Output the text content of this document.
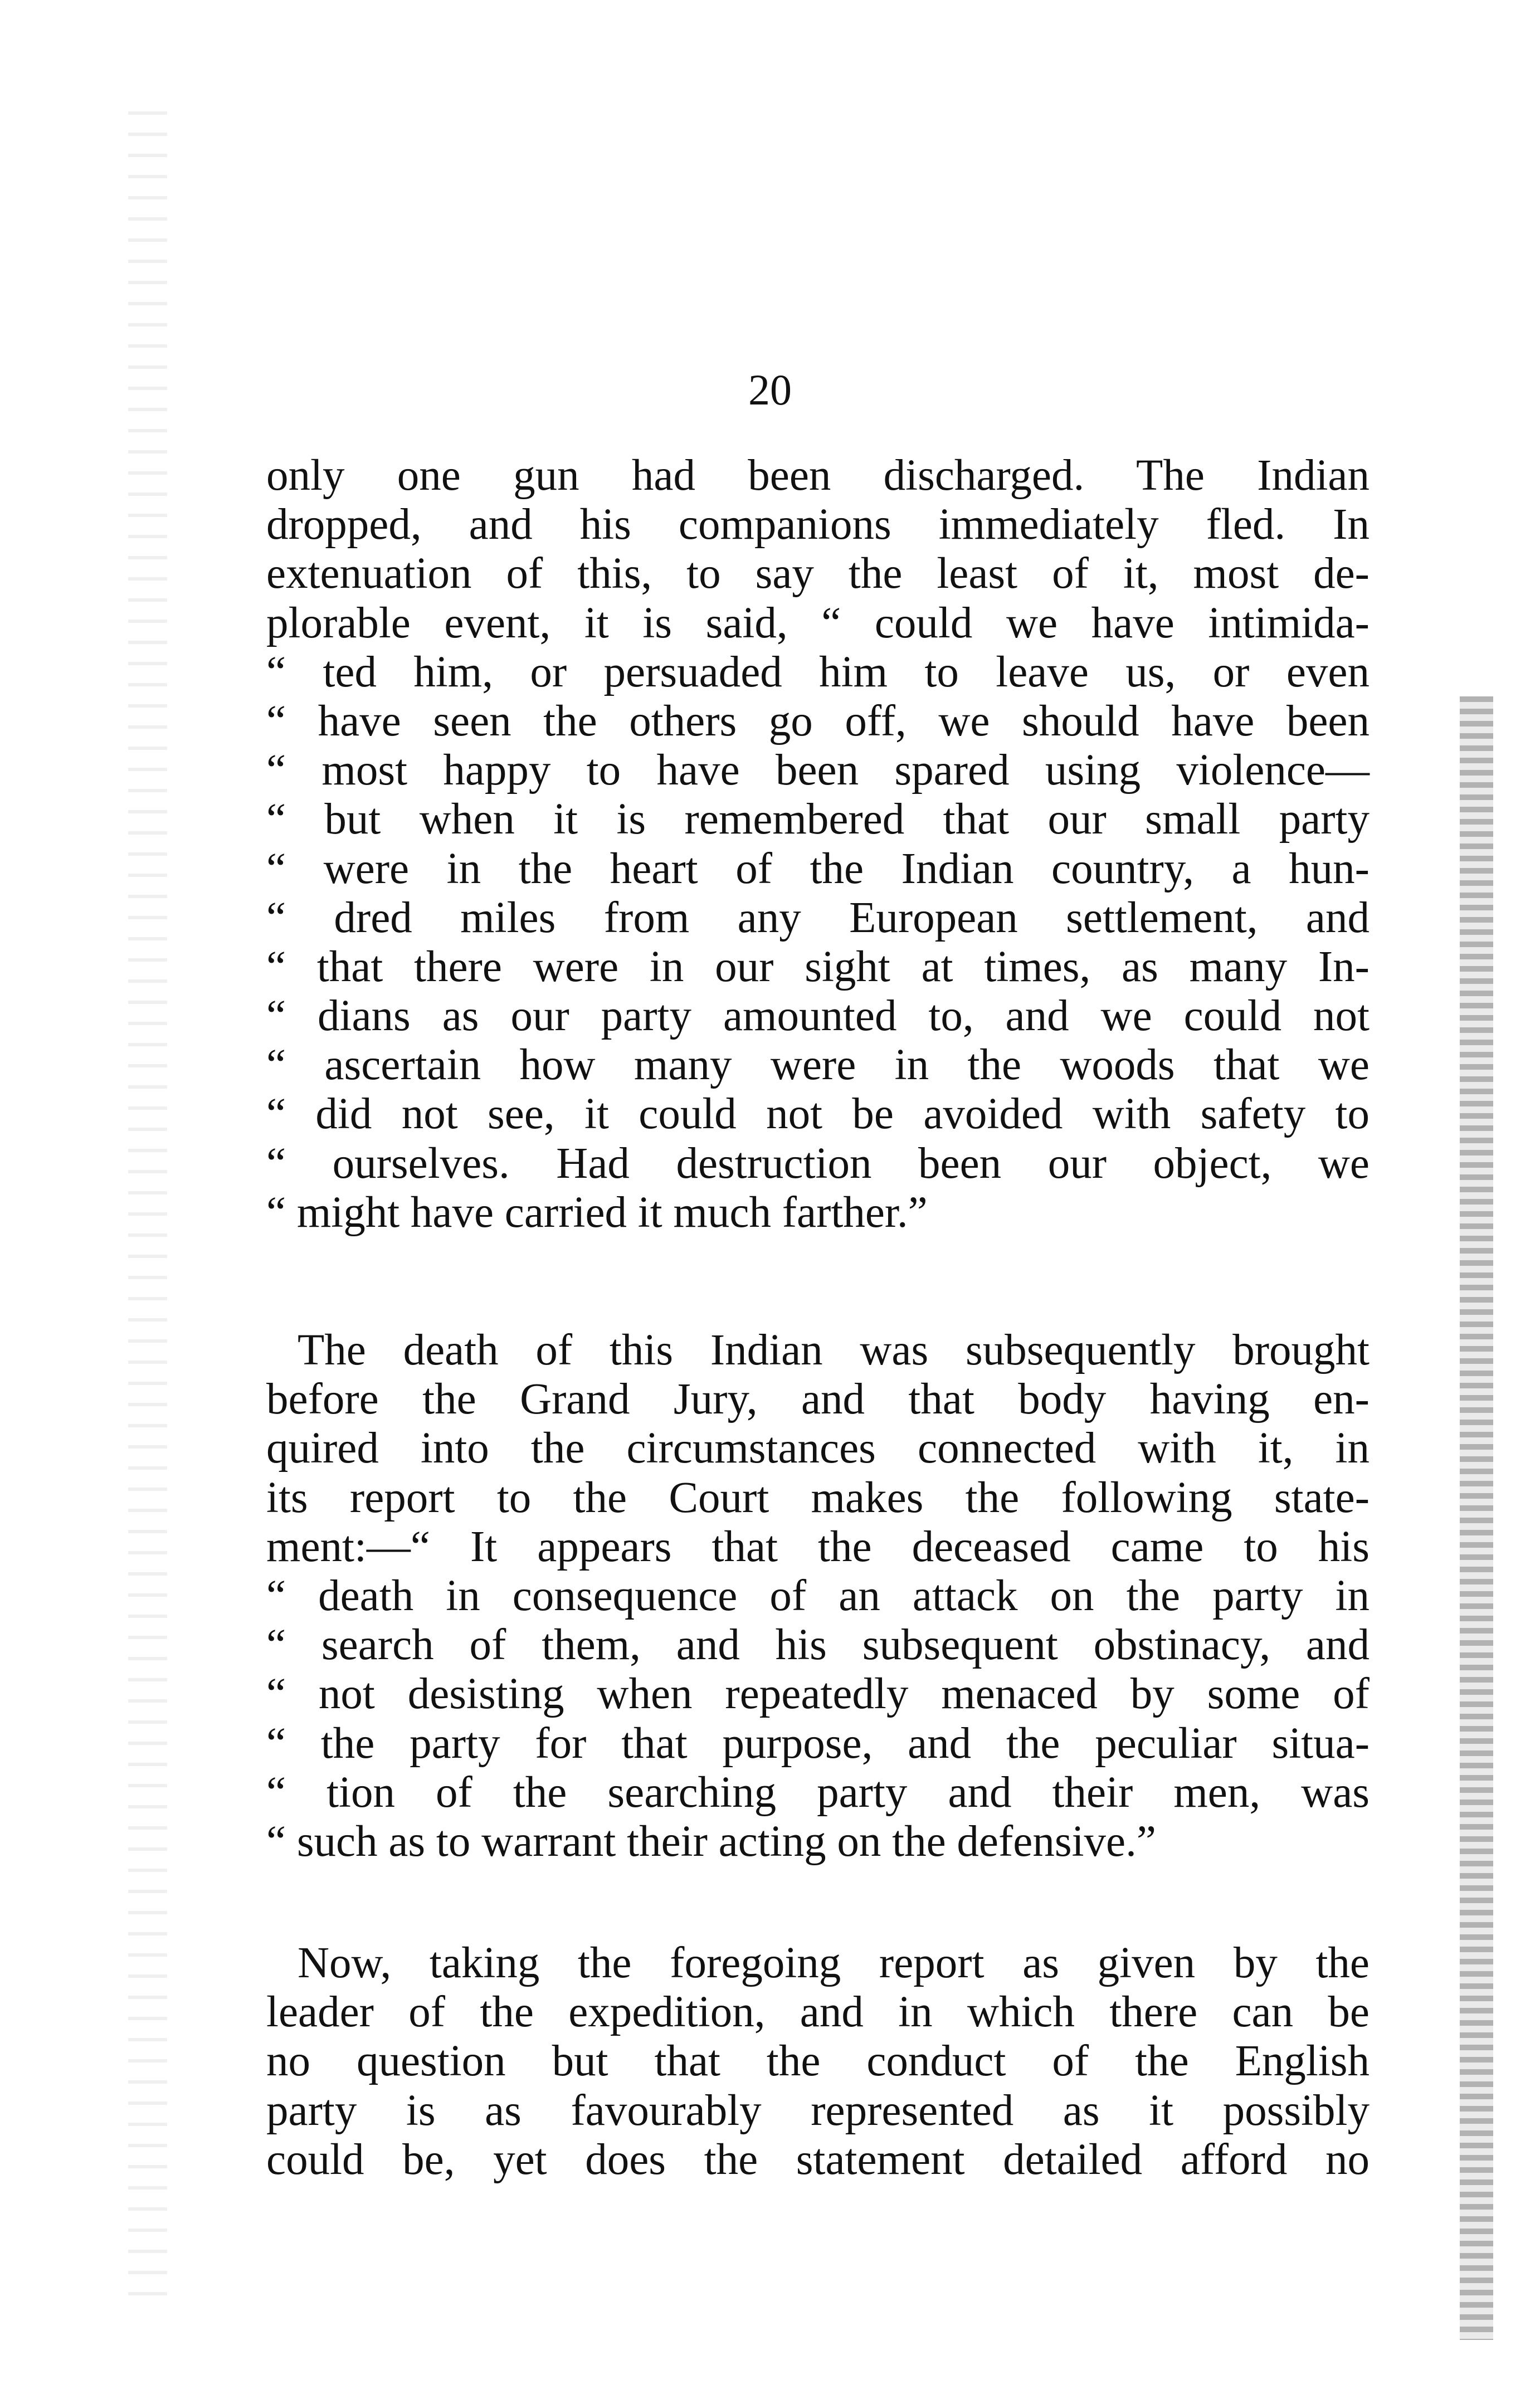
20
only one gun had been discharged. The Indian
dropped, and his companions immediately fled. In
extenuation of this, to say the least of it, most de-
plorable event, it is said, “ could we have intimida-
“ ted him, or persuaded him to leave us, or even
“ have seen the others go off, we should have been
“ most happy to have been spared using violence—
“ but when it is remembered that our small party
“ were in the heart of the Indian country, a hun-
“ dred miles from any European settlement, and
“ that there were in our sight at times, as many In-
“ dians as our party amounted to, and we could not
“ ascertain how many were in the woods that we
“ did not see, it could not be avoided with safety to
“ ourselves. Had destruction been our object, we
“ might have carried it much farther.”
The death of this Indian was subsequently brought
before the Grand Jury, and that body having en-
quired into the circumstances connected with it, in
its report to the Court makes the following state-
ment:—“ It appears that the deceased came to his
“ death in consequence of an attack on the party in
“ search of them, and his subsequent obstinacy, and
“ not desisting when repeatedly menaced by some of
“ the party for that purpose, and the peculiar situa-
“ tion of the searching party and their men, was
“ such as to warrant their acting on the defensive.”
Now, taking the foregoing report as given by the
leader of the expedition, and in which there can be
no question but that the conduct of the English
party is as favourably represented as it possibly
could be, yet does the statement detailed afford no
